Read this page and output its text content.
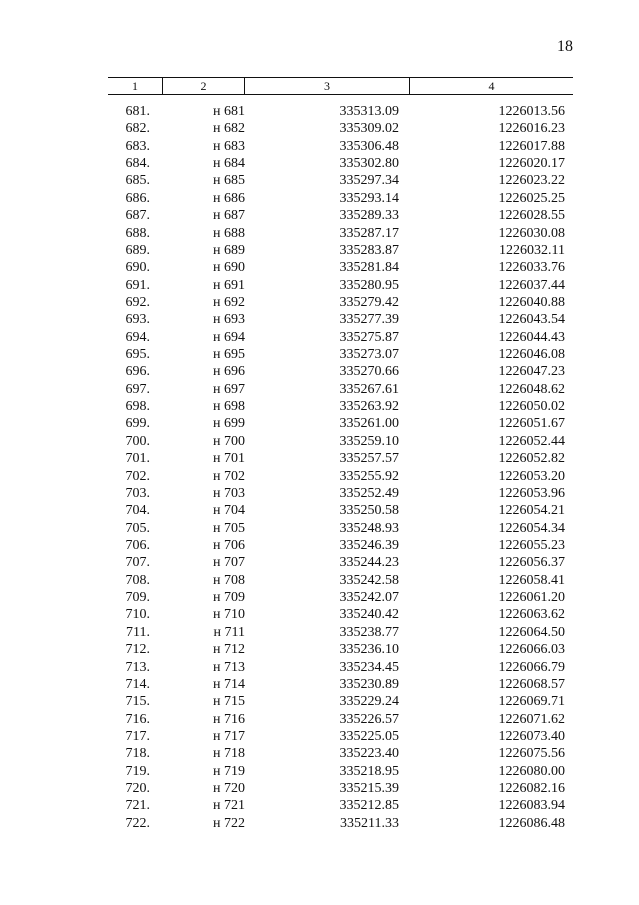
18
1	2	3	4
681.	н 681	335313.09	1226013.56
682.	н 682	335309.02	1226016.23
683.	н 683	335306.48	1226017.88
684.	н 684	335302.80	1226020.17
685.	н 685	335297.34	1226023.22
686.	н 686	335293.14	1226025.25
687.	н 687	335289.33	1226028.55
688.	н 688	335287.17	1226030.08
689.	н 689	335283.87	1226032.11
690.	н 690	335281.84	1226033.76
691.	н 691	335280.95	1226037.44
692.	н 692	335279.42	1226040.88
693.	н 693	335277.39	1226043.54
694.	н 694	335275.87	1226044.43
695.	н 695	335273.07	1226046.08
696.	н 696	335270.66	1226047.23
697.	н 697	335267.61	1226048.62
698.	н 698	335263.92	1226050.02
699.	н 699	335261.00	1226051.67
700.	н 700	335259.10	1226052.44
701.	н 701	335257.57	1226052.82
702.	н 702	335255.92	1226053.20
703.	н 703	335252.49	1226053.96
704.	н 704	335250.58	1226054.21
705.	н 705	335248.93	1226054.34
706.	н 706	335246.39	1226055.23
707.	н 707	335244.23	1226056.37
708.	н 708	335242.58	1226058.41
709.	н 709	335242.07	1226061.20
710.	н 710	335240.42	1226063.62
711.	н 711	335238.77	1226064.50
712.	н 712	335236.10	1226066.03
713.	н 713	335234.45	1226066.79
714.	н 714	335230.89	1226068.57
715.	н 715	335229.24	1226069.71
716.	н 716	335226.57	1226071.62
717.	н 717	335225.05	1226073.40
718.	н 718	335223.40	1226075.56
719.	н 719	335218.95	1226080.00
720.	н 720	335215.39	1226082.16
721.	н 721	335212.85	1226083.94
722.	н 722	335211.33	1226086.48
